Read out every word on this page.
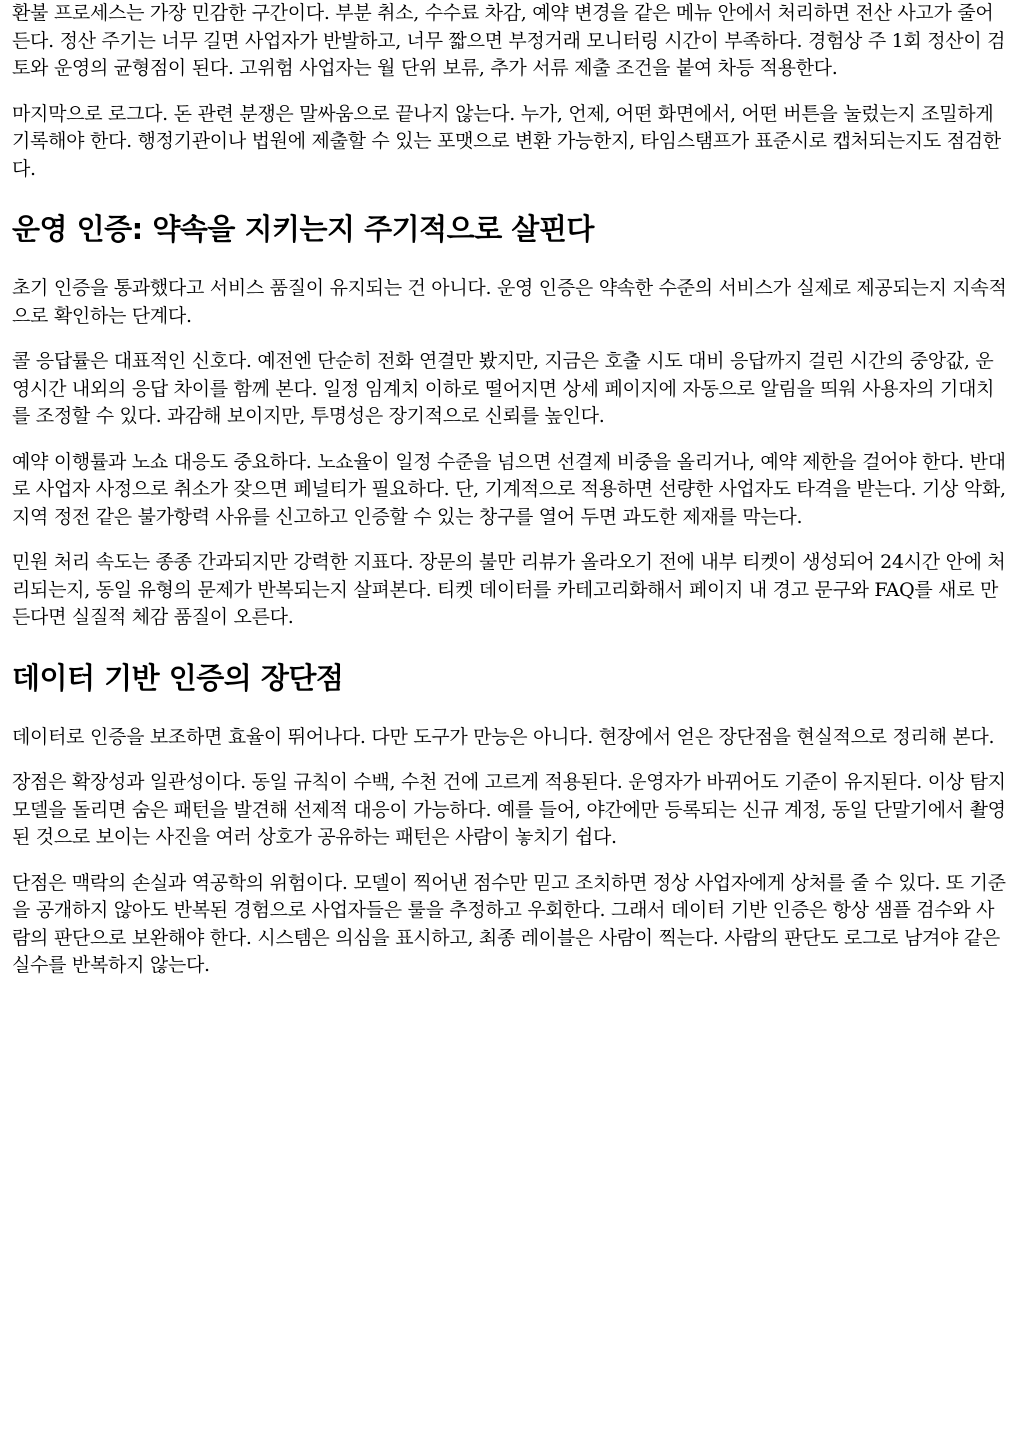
환불 프로세스는 가장 민감한 구간이다. 부분 취소, 수수료 차감, 예약 변경을 같은 메뉴 안에서 처리하면 전산 사고가 줄어든다. 정산 주기는 너무 길면 사업자가 반발하고, 너무 짧으면 부정거래 모니터링 시간이 부족하다. 경험상 주 1회 정산이 검토와 운영의 균형점이 된다. 고위험 사업자는 월 단위 보류, 추가 서류 제출 조건을 붙여 차등 적용한다.

마지막으로 로그다. 돈 관련 분쟁은 말싸움으로 끝나지 않는다. 누가, 언제, 어떤 화면에서, 어떤 버튼을 눌렀는지 조밀하게 기록해야 한다. 행정기관이나 법원에 제출할 수 있는 포맷으로 변환 가능한지, 타임스탬프가 표준시로 캡처되는지도 점검한다.

운영 인증: 약속을 지키는지 주기적으로 살핀다

초기 인증을 통과했다고 서비스 품질이 유지되는 건 아니다. 운영 인증은 약속한 수준의 서비스가 실제로 제공되는지 지속적으로 확인하는 단계다.

콜 응답률은 대표적인 신호다. 예전엔 단순히 전화 연결만 봤지만, 지금은 호출 시도 대비 응답까지 걸린 시간의 중앙값, 운영시간 내외의 응답 차이를 함께 본다. 일정 임계치 이하로 떨어지면 상세 페이지에 자동으로 알림을 띄워 사용자의 기대치를 조정할 수 있다. 과감해 보이지만, 투명성은 장기적으로 신뢰를 높인다.

예약 이행률과 노쇼 대응도 중요하다. 노쇼율이 일정 수준을 넘으면 선결제 비중을 올리거나, 예약 제한을 걸어야 한다. 반대로 사업자 사정으로 취소가 잦으면 페널티가 필요하다. 단, 기계적으로 적용하면 선량한 사업자도 타격을 받는다. 기상 악화, 지역 정전 같은 불가항력 사유를 신고하고 인증할 수 있는 창구를 열어 두면 과도한 제재를 막는다.

민원 처리 속도는 종종 간과되지만 강력한 지표다. 장문의 불만 리뷰가 올라오기 전에 내부 티켓이 생성되어 24시간 안에 처리되는지, 동일 유형의 문제가 반복되는지 살펴본다. 티켓 데이터를 카테고리화해서 페이지 내 경고 문구와 FAQ를 새로 만든다면 실질적 체감 품질이 오른다.

데이터 기반 인증의 장단점

데이터로 인증을 보조하면 효율이 뛰어나다. 다만 도구가 만능은 아니다. 현장에서 얻은 장단점을 현실적으로 정리해 본다.

장점은 확장성과 일관성이다. 동일 규칙이 수백, 수천 건에 고르게 적용된다. 운영자가 바뀌어도 기준이 유지된다. 이상 탐지 모델을 돌리면 숨은 패턴을 발견해 선제적 대응이 가능하다. 예를 들어, 야간에만 등록되는 신규 계정, 동일 단말기에서 촬영된 것으로 보이는 사진을 여러 상호가 공유하는 패턴은 사람이 놓치기 쉽다.

단점은 맥락의 손실과 역공학의 위험이다. 모델이 찍어낸 점수만 믿고 조치하면 정상 사업자에게 상처를 줄 수 있다. 또 기준을 공개하지 않아도 반복된 경험으로 사업자들은 룰을 추정하고 우회한다. 그래서 데이터 기반 인증은 항상 샘플 검수와 사람의 판단으로 보완해야 한다. 시스템은 의심을 표시하고, 최종 레이블은 사람이 찍는다. 사람의 판단도 로그로 남겨야 같은 실수를 반복하지 않는다.
